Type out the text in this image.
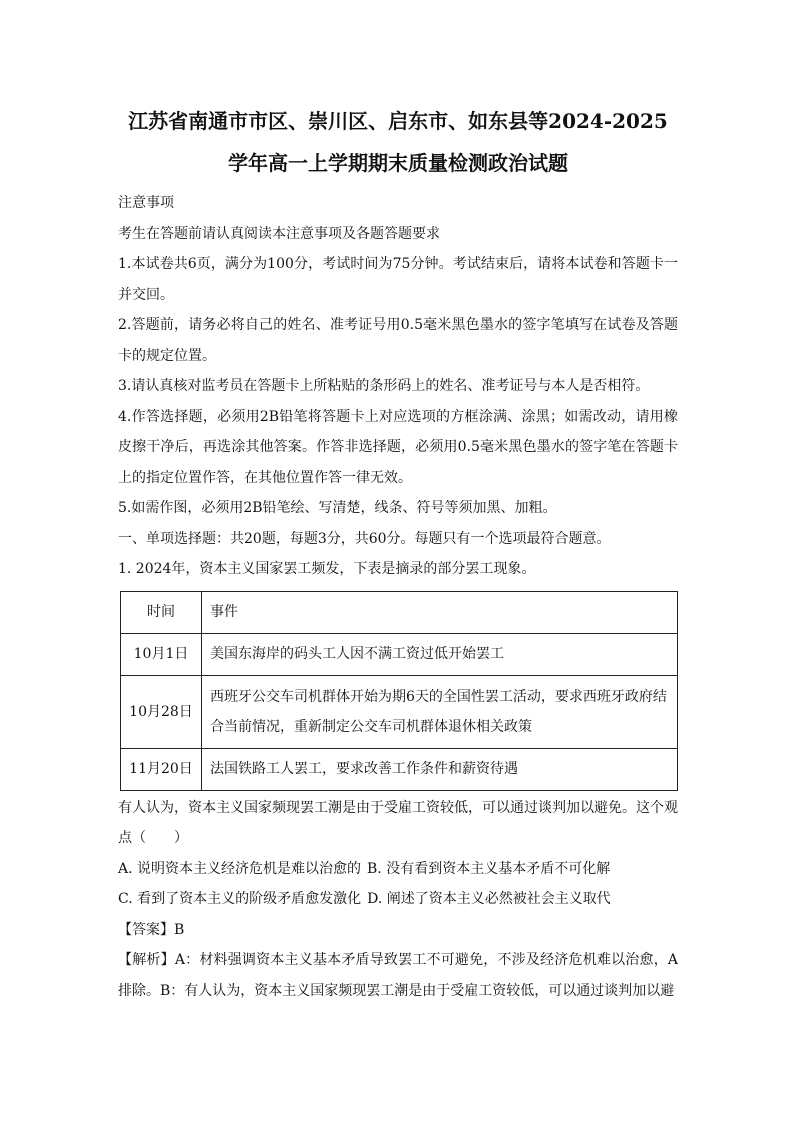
江苏省南通市市区、崇川区、启东市、如东县等2024-2025
学年高一上学期期末质量检测政治试题

注意事项

考生在答题前请认真阅读本注意事项及各题答题要求

1.本试卷共6页，满分为100分，考试时间为75分钟。考试结束后，请将本试卷和答题卡一并交回。

2.答题前，请务必将自己的姓名、准考证号用0.5毫米黑色墨水的签字笔填写在试卷及答题卡的规定位置。

3.请认真核对监考员在答题卡上所粘贴的条形码上的姓名、准考证号与本人是否相符。

4.作答选择题，必须用2B铅笔将答题卡上对应选项的方框涂满、涂黑；如需改动，请用橡皮擦干净后，再选涂其他答案。作答非选择题，必须用0.5毫米黑色墨水的签字笔在答题卡上的指定位置作答，在其他位置作答一律无效。

5.如需作图，必须用2B铅笔绘、写清楚，线条、符号等须加黑、加粗。

一、单项选择题：共20题，每题3分，共60分。每题只有一个选项最符合题意。

1. 2024年，资本主义国家罢工频发，下表是摘录的部分罢工现象。

时间	事件
10月1日	美国东海岸的码头工人因不满工资过低开始罢工
10月28日	西班牙公交车司机群体开始为期6天的全国性罢工活动，要求西班牙政府结合当前情况，重新制定公交车司机群体退休相关政策
11月20日	法国铁路工人罢工，要求改善工作条件和薪资待遇

有人认为，资本主义国家频现罢工潮是由于受雇工资较低，可以通过谈判加以避免。这个观点（　　）

A. 说明资本主义经济危机是难以治愈的 B. 没有看到资本主义基本矛盾不可化解
C. 看到了资本主义的阶级矛盾愈发激化 D. 阐述了资本主义必然被社会主义取代

【答案】B

【解析】A：材料强调资本主义基本矛盾导致罢工不可避免，不涉及经济危机难以治愈，A排除。B：有人认为，资本主义国家频现罢工潮是由于受雇工资较低，可以通过谈判加以避
